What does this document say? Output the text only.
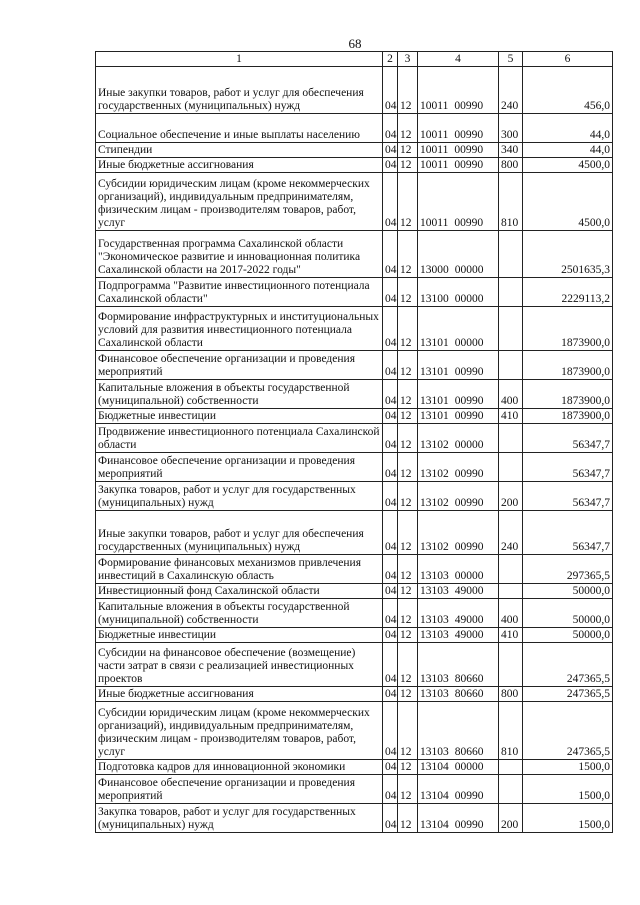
68
1	2	3	4	5	6
Иные закупки товаров, работ и услуг для обеспечения государственных (муниципальных) нужд	04	12	10011 00990	240	456,0
Социальное обеспечение и иные выплаты населению	04	12	10011 00990	300	44,0
Стипендии	04	12	10011 00990	340	44,0
Иные бюджетные ассигнования	04	12	10011 00990	800	4500,0
Субсидии юридическим лицам (кроме некоммерческих организаций), индивидуальным предпринимателям, физическим лицам - производителям товаров, работ, услуг	04	12	10011 00990	810	4500,0
Государственная программа Сахалинской области "Экономическое развитие и инновационная политика Сахалинской области на 2017-2022 годы"	04	12	13000 00000		2501635,3
Подпрограмма "Развитие инвестиционного потенциала Сахалинской области"	04	12	13100 00000		2229113,2
Формирование инфраструктурных и институциональных условий для развития инвестиционного потенциала Сахалинской области	04	12	13101 00000		1873900,0
Финансовое обеспечение организации и проведения мероприятий	04	12	13101 00990		1873900,0
Капитальные вложения в объекты государственной (муниципальной) собственности	04	12	13101 00990	400	1873900,0
Бюджетные инвестиции	04	12	13101 00990	410	1873900,0
Продвижение инвестиционного потенциала Сахалинской области	04	12	13102 00000		56347,7
Финансовое обеспечение организации и проведения мероприятий	04	12	13102 00990		56347,7
Закупка товаров, работ и услуг для государственных (муниципальных) нужд	04	12	13102 00990	200	56347,7
Иные закупки товаров, работ и услуг для обеспечения государственных (муниципальных) нужд	04	12	13102 00990	240	56347,7
Формирование финансовых механизмов привлечения инвестиций в Сахалинскую область	04	12	13103 00000		297365,5
Инвестиционный фонд Сахалинской области	04	12	13103 49000		50000,0
Капитальные вложения в объекты государственной (муниципальной) собственности	04	12	13103 49000	400	50000,0
Бюджетные инвестиции	04	12	13103 49000	410	50000,0
Субсидии на финансовое обеспечение (возмещение) части затрат в связи с реализацией инвестиционных проектов	04	12	13103 80660		247365,5
Иные бюджетные ассигнования	04	12	13103 80660	800	247365,5
Субсидии юридическим лицам (кроме некоммерческих организаций), индивидуальным предпринимателям, физическим лицам - производителям товаров, работ, услуг	04	12	13103 80660	810	247365,5
Подготовка кадров для инновационной экономики	04	12	13104 00000		1500,0
Финансовое обеспечение организации и проведения мероприятий	04	12	13104 00990		1500,0
Закупка товаров, работ и услуг для государственных (муниципальных) нужд	04	12	13104 00990	200	1500,0
